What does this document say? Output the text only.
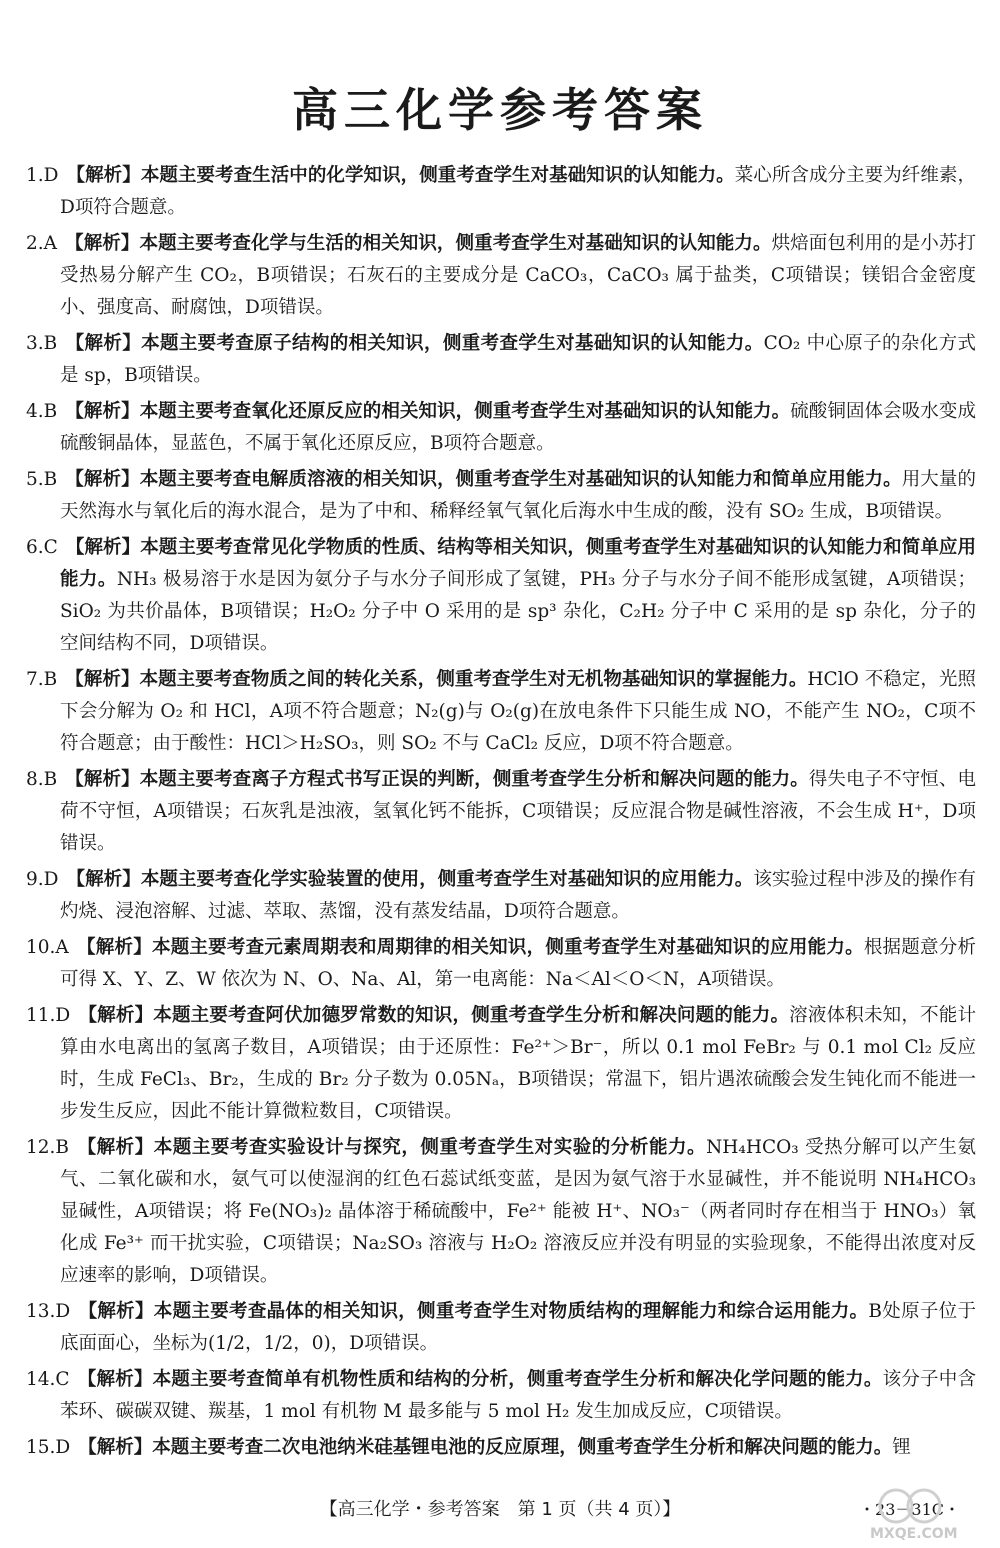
高三化学参考答案
1.D 【解析】本题主要考查生活中的化学知识，侧重考查学生对基础知识的认知能力。菜心所含成分主要为纤维素，D项符合题意。
2.A 【解析】本题主要考查化学与生活的相关知识，侧重考查学生对基础知识的认知能力。烘焙面包利用的是小苏打受热易分解产生 CO₂，B项错误；石灰石的主要成分是 CaCO₃，CaCO₃ 属于盐类，C项错误；镁铝合金密度小、强度高、耐腐蚀，D项错误。
3.B 【解析】本题主要考查原子结构的相关知识，侧重考查学生对基础知识的认知能力。CO₂ 中心原子的杂化方式是 sp，B项错误。
4.B 【解析】本题主要考查氧化还原反应的相关知识，侧重考查学生对基础知识的认知能力。硫酸铜固体会吸水变成硫酸铜晶体，显蓝色，不属于氧化还原反应，B项符合题意。
5.B 【解析】本题主要考查电解质溶液的相关知识，侧重考查学生对基础知识的认知能力和简单应用能力。用大量的天然海水与氧化后的海水混合，是为了中和、稀释经氧气氧化后海水中生成的酸，没有 SO₂ 生成，B项错误。
6.C 【解析】本题主要考查常见化学物质的性质、结构等相关知识，侧重考查学生对基础知识的认知能力和简单应用能力。NH₃ 极易溶于水是因为氨分子与水分子间形成了氢键，PH₃ 分子与水分子间不能形成氢键，A项错误；SiO₂ 为共价晶体，B项错误；H₂O₂ 分子中 O 采用的是 sp³ 杂化，C₂H₂ 分子中 C 采用的是 sp 杂化，分子的空间结构不同，D项错误。
7.B 【解析】本题主要考查物质之间的转化关系，侧重考查学生对无机物基础知识的掌握能力。HClO 不稳定，光照下会分解为 O₂ 和 HCl，A项不符合题意；N₂(g)与 O₂(g)在放电条件下只能生成 NO，不能产生 NO₂，C项不符合题意；由于酸性：HCl＞H₂SO₃，则 SO₂ 不与 CaCl₂ 反应，D项不符合题意。
8.B 【解析】本题主要考查离子方程式书写正误的判断，侧重考查学生分析和解决问题的能力。得失电子不守恒、电荷不守恒，A项错误；石灰乳是浊液，氢氧化钙不能拆，C项错误；反应混合物是碱性溶液，不会生成 H⁺，D项错误。
9.D 【解析】本题主要考查化学实验装置的使用，侧重考查学生对基础知识的应用能力。该实验过程中涉及的操作有灼烧、浸泡溶解、过滤、萃取、蒸馏，没有蒸发结晶，D项符合题意。
10.A 【解析】本题主要考查元素周期表和周期律的相关知识，侧重考查学生对基础知识的应用能力。根据题意分析可得 X、Y、Z、W 依次为 N、O、Na、Al，第一电离能：Na＜Al＜O＜N，A项错误。
11.D 【解析】本题主要考查阿伏加德罗常数的知识，侧重考查学生分析和解决问题的能力。溶液体积未知，不能计算由水电离出的氢离子数目，A项错误；由于还原性：Fe²⁺＞Br⁻，所以 0.1 mol FeBr₂ 与 0.1 mol Cl₂ 反应时，生成 FeCl₃、Br₂，生成的 Br₂ 分子数为 0.05Nₐ，B项错误；常温下，铝片遇浓硫酸会发生钝化而不能进一步发生反应，因此不能计算微粒数目，C项错误。
12.B 【解析】本题主要考查实验设计与探究，侧重考查学生对实验的分析能力。NH₄HCO₃ 受热分解可以产生氨气、二氧化碳和水，氨气可以使湿润的红色石蕊试纸变蓝，是因为氨气溶于水显碱性，并不能说明 NH₄HCO₃ 显碱性，A项错误；将 Fe(NO₃)₂ 晶体溶于稀硫酸中，Fe²⁺ 能被 H⁺、NO₃⁻（两者同时存在相当于 HNO₃）氧化成 Fe³⁺ 而干扰实验，C项错误；Na₂SO₃ 溶液与 H₂O₂ 溶液反应并没有明显的实验现象，不能得出浓度对反应速率的影响，D项错误。
13.D 【解析】本题主要考查晶体的相关知识，侧重考查学生对物质结构的理解能力和综合运用能力。B处原子位于底面面心，坐标为(1/2，1/2，0)，D项错误。
14.C 【解析】本题主要考查简单有机物性质和结构的分析，侧重考查学生分析和解决化学问题的能力。该分子中含苯环、碳碳双键、羰基，1 mol 有机物 M 最多能与 5 mol H₂ 发生加成反应，C项错误。
15.D 【解析】本题主要考查二次电池纳米硅基锂电池的反应原理，侧重考查学生分析和解决问题的能力。锂
【高三化学・参考答案　第 1 页（共 4 页）】	・23－31C・
MXQE.COM
